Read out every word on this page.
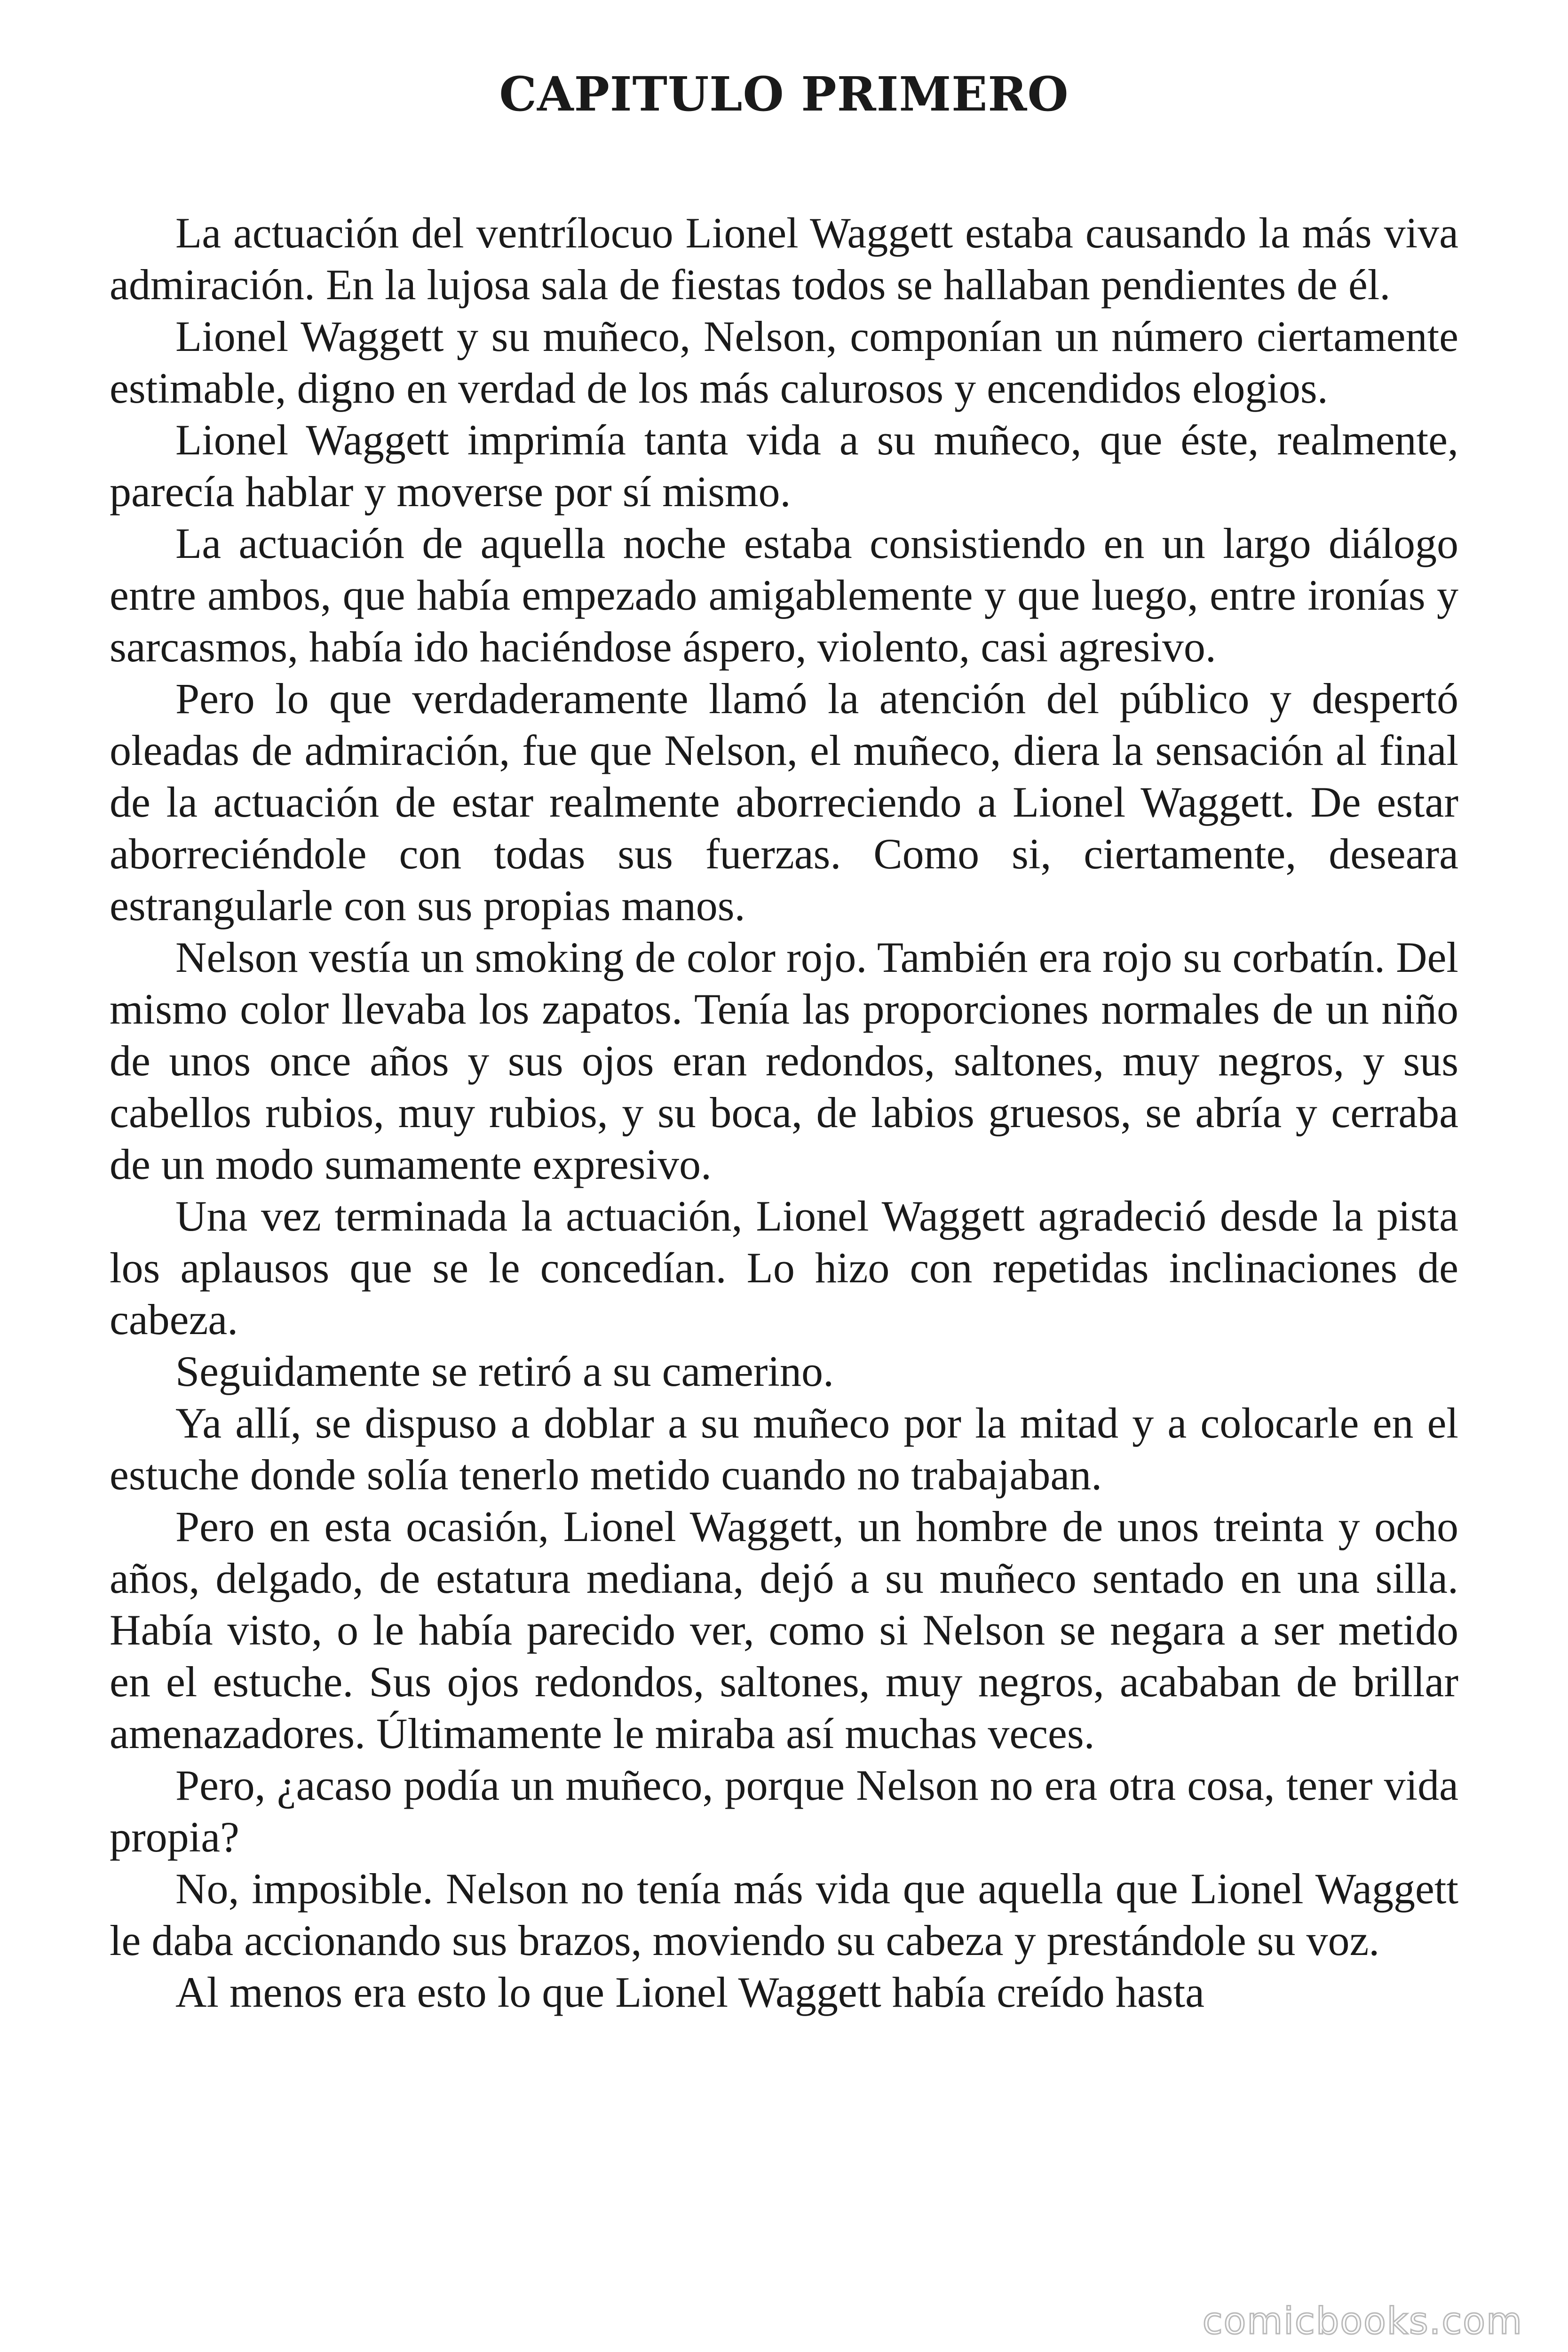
CAPITULO PRIMERO

La actuación del ventrílocuo Lionel Waggett estaba causando la más viva admiración. En la lujosa sala de fiestas todos se hallaban pendientes de él.

Lionel Waggett y su muñeco, Nelson, componían un número ciertamente estimable, digno en verdad de los más calurosos y encendidos elogios.

Lionel Waggett imprimía tanta vida a su muñeco, que éste, realmente, parecía hablar y moverse por sí mismo.

La actuación de aquella noche estaba consistiendo en un largo diálogo entre ambos, que había empezado amigablemente y que luego, entre ironías y sarcasmos, había ido haciéndose áspero, violento, casi agresivo.

Pero lo que verdaderamente llamó la atención del público y despertó oleadas de admiración, fue que Nelson, el muñeco, diera la sensación al final de la actuación de estar realmente aborreciendo a Lionel Waggett. De estar aborreciéndole con todas sus fuerzas. Como si, ciertamente, deseara estrangularle con sus propias manos.

Nelson vestía un smoking de color rojo. También era rojo su corbatín. Del mismo color llevaba los zapatos. Tenía las proporciones normales de un niño de unos once años y sus ojos eran redondos, saltones, muy negros, y sus cabellos rubios, muy rubios, y su boca, de labios gruesos, se abría y cerraba de un modo sumamente expresivo.

Una vez terminada la actuación, Lionel Waggett agradeció desde la pista los aplausos que se le concedían. Lo hizo con repetidas inclinaciones de cabeza.

Seguidamente se retiró a su camerino.

Ya allí, se dispuso a doblar a su muñeco por la mitad y a colocarle en el estuche donde solía tenerlo metido cuando no trabajaban.

Pero en esta ocasión, Lionel Waggett, un hombre de unos treinta y ocho años, delgado, de estatura mediana, dejó a su muñeco sentado en una silla. Había visto, o le había parecido ver, como si Nelson se negara a ser metido en el estuche. Sus ojos redondos, saltones, muy negros, acababan de brillar amenazadores. Últimamente le miraba así muchas veces.

Pero, ¿acaso podía un muñeco, porque Nelson no era otra cosa, tener vida propia?

No, imposible. Nelson no tenía más vida que aquella que Lionel Waggett le daba accionando sus brazos, moviendo su cabeza y prestándole su voz.

Al menos era esto lo que Lionel Waggett había creído hasta

comicbooks.com
